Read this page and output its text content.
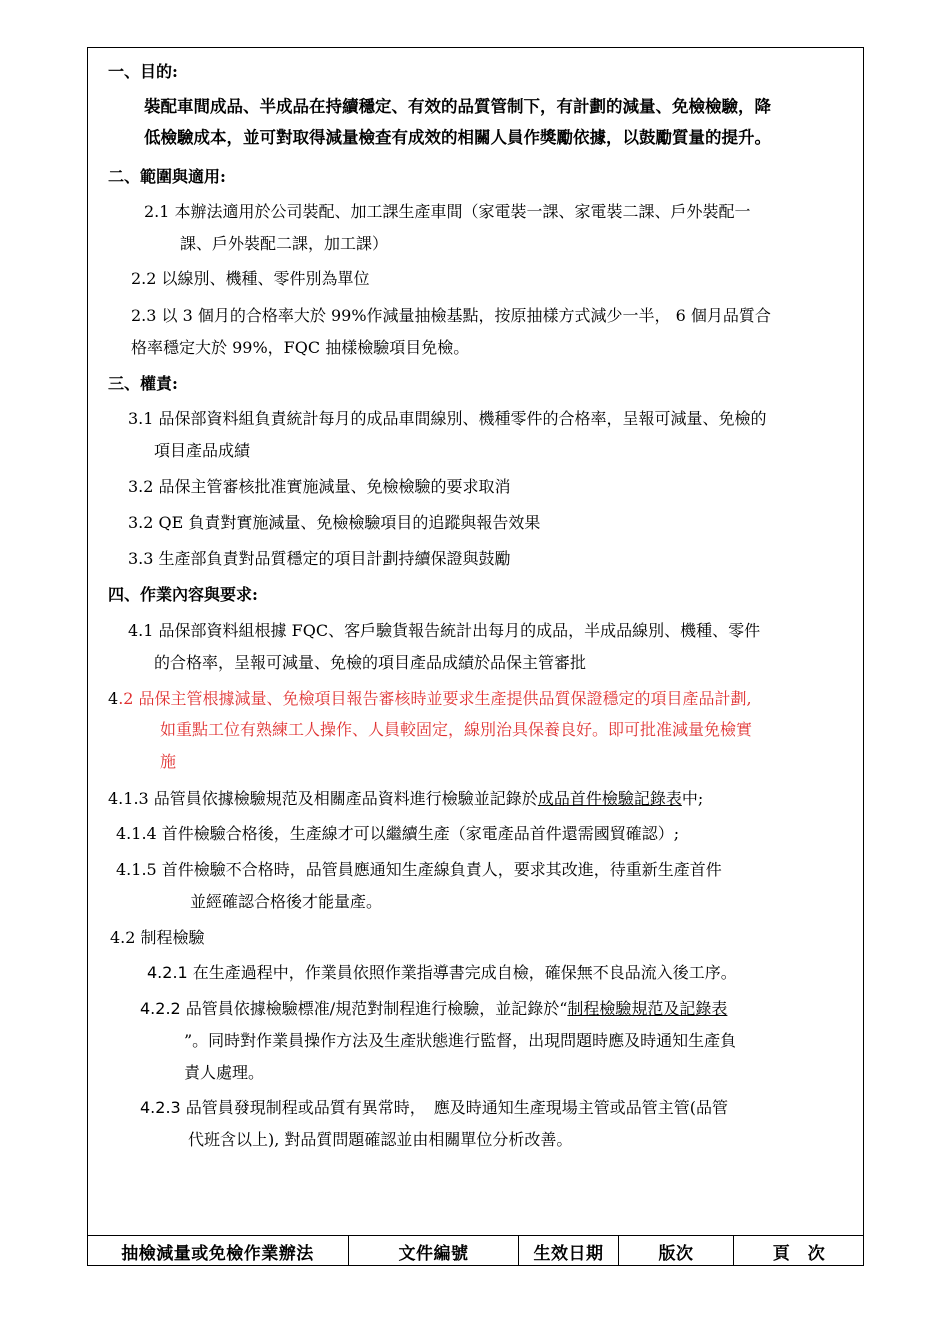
一、目的:
裝配車間成品、半成品在持續穩定、有效的品質管制下，有計劃的減量、免檢檢驗，降
低檢驗成本，並可對取得減量檢查有成效的相關人員作獎勵依據，以鼓勵質量的提升。
二、範圍與適用:
2.1 本辦法適用於公司裝配、加工課生產車間（家電裝一課、家電裝二課、戶外裝配一
課、戶外裝配二課，加工課）
2.2 以線別、機種、零件別為單位
2.3 以 3 個月的合格率大於 99%作減量抽檢基點，按原抽樣方式減少一半， 6 個月品質合
格率穩定大於 99%，FQC 抽樣檢驗項目免檢。
三、權責:
3.1 品保部資料組負責統計每月的成品車間線別、機種零件的合格率，呈報可減量、免檢的
項目產品成績
3.2 品保主管審核批准實施減量、免檢檢驗的要求取消
3.2 QE 負責對實施減量、免檢檢驗項目的追蹤與報告效果
3.3 生產部負責對品質穩定的項目計劃持續保證與鼓勵
四、作業內容與要求:
4.1 品保部資料組根據 FQC、客戶驗貨報告統計出每月的成品，半成品線別、機種、零件
的合格率，呈報可減量、免檢的項目產品成績於品保主管審批
4.2 品保主管根據減量、免檢項目報告審核時並要求生產提供品質保證穩定的項目產品計劃,
如重點工位有熟練工人操作、人員較固定，線別治具保養良好。即可批准減量免檢實
施
4.1.3 品管員依據檢驗規范及相關產品資料進行檢驗並記錄於成品首件檢驗記錄表中;
4.1.4 首件檢驗合格後，生產線才可以繼續生產（家電產品首件還需國貿確認）;
4.1.5 首件檢驗不合格時，品管員應通知生產線負責人，要求其改進，待重新生產首件
並經確認合格後才能量產。
4.2 制程檢驗
4.2.1 在生產過程中，作業員依照作業指導書完成自檢，確保無不良品流入後工序。
4.2.2 品管員依據檢驗標准/規范對制程進行檢驗，並記錄於“制程檢驗規范及記錄表
”。同時對作業員操作方法及生產狀態進行監督，出現問題時應及時通知生產負
責人處理。
4.2.3 品管員發現制程或品質有異常時，　應及時通知生產現場主管或品管主管(品管
代班含以上), 對品質問題確認並由相關單位分析改善。
抽檢減量或免檢作業辦法	文件編號	生效日期	版次	頁　次
